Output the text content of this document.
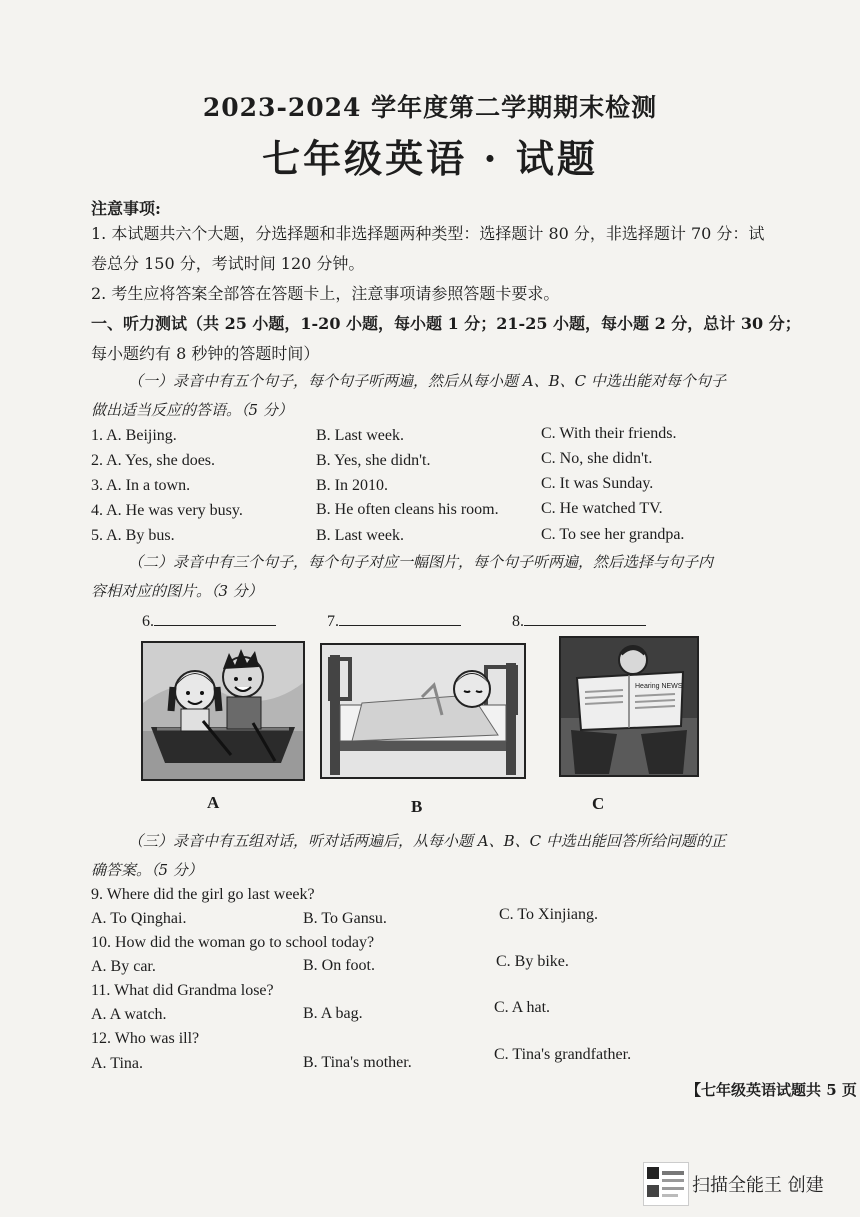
2023-2024 学年度第二学期期末检测
七年级英语 · 试题
注意事项:
1. 本试题共六个大题，分选择题和非选择题两种类型：选择题计 80 分，非选择题计 70 分：试
卷总分 150 分，考试时间 120 分钟。
2. 考生应将答案全部答在答题卡上，注意事项请参照答题卡要求。
一、听力测试（共 25 小题，1-20 小题，每小题 1 分；21-25 小题，每小题 2 分，总计 30 分；
每小题约有 8 秒钟的答题时间）
（一）录音中有五个句子，每个句子听两遍，然后从每小题 A、B、C 中选出能对每个句子
做出适当反应的答语。（5 分）
1. A. Beijing.	B. Last week.	C. With their friends.
2. A. Yes, she does.	B. Yes, she didn't.	C. No, she didn't.
3. A. In a town.	B. In 2010.	C. It was Sunday.
4. A. He was very busy.	B. He often cleans his room.	C. He watched TV.
5. A. By bus.	B. Last week.	C. To see her grandpa.
（二）录音中有三个句子，每个句子对应一幅图片，每个句子听两遍，然后选择与句子内
容相对应的图片。（3 分）
6.	7.	8.
A	B
Hearing NEWS
C
（三）录音中有五组对话，听对话两遍后，从每小题 A、B、C 中选出能回答所给问题的正
确答案。（5 分）
9. Where did the girl go last week?
A. To Qinghai.	B. To Gansu.	C. To Xinjiang.
10. How did the woman go to school today?
A. By car.	B. On foot.	C. By bike.
11. What did Grandma lose?
A. A watch.	B. A bag.	C. A hat.
12. Who was ill?
A. Tina.	B. Tina's mother.	C. Tina's grandfather.
【七年级英语试题共 5 页
扫描全能王 创建
